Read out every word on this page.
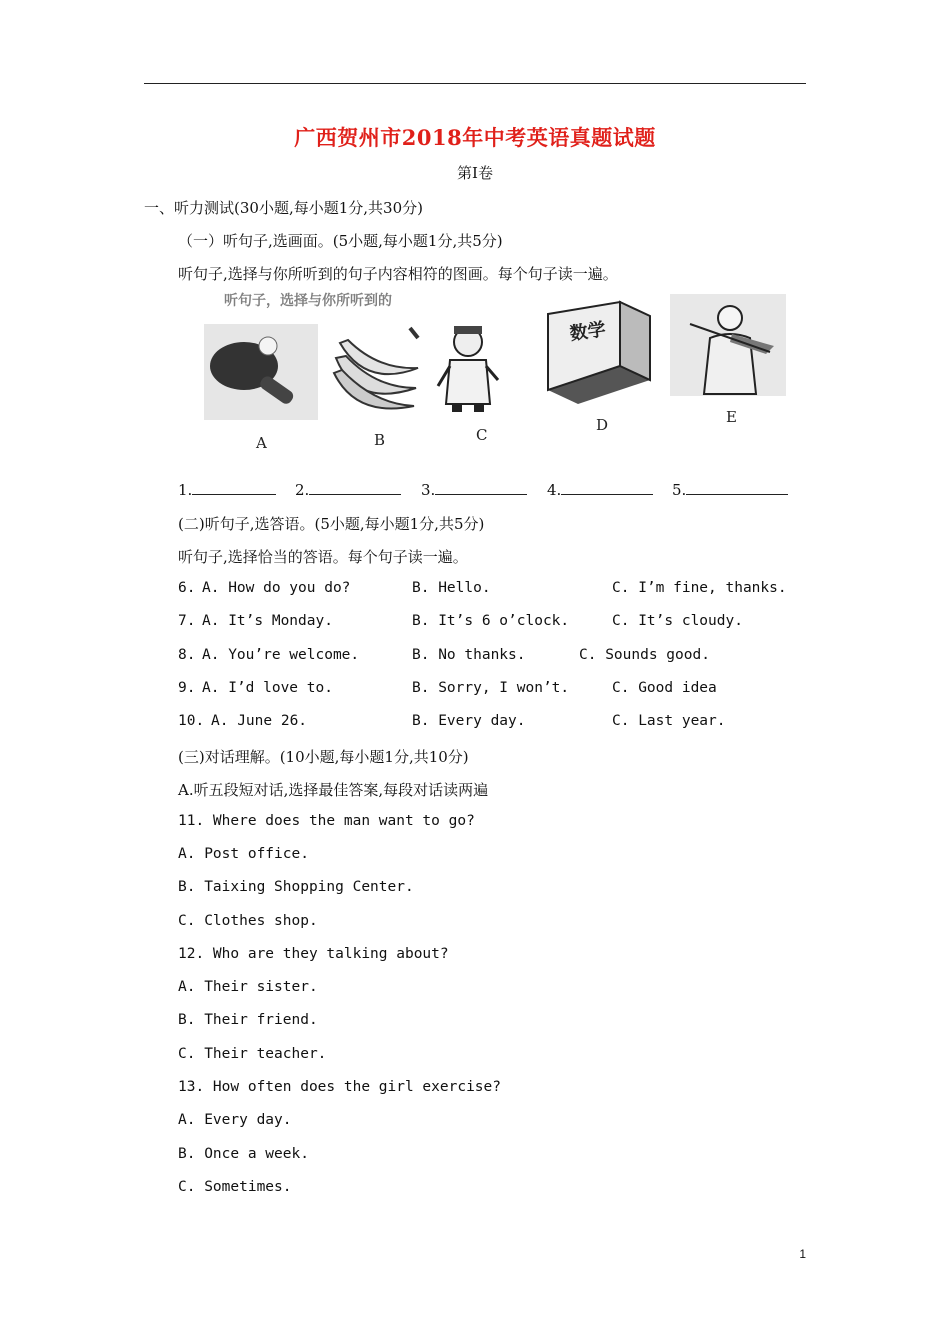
广西贺州市2018年中考英语真题试题
第I卷
一、听力测试(30小题,每小题1分,共30分)
（一）听句子,选画面。(5小题,每小题1分,共5分)
听句子,选择与你所听到的句子内容相符的图画。每个句子读一遍。
听句子，选择与你所听到的
A	B	C
数学
D	E
1.	2.	3.	4.	5.
(二)听句子,选答语。(5小题,每小题1分,共5分)
听句子,选择恰当的答语。每个句子读一遍。
6. A. How do you do?	B. Hello.	C. I’m fine, thanks.
7. A. It’s Monday.	B. It’s 6 o’clock.	C. It’s cloudy.
8. A. You’re welcome.	B. No thanks.	C. Sounds good.
9. A. I’d love to.	B. Sorry, I won’t.	C. Good idea
10. A. June 26.	B. Every day.	C. Last year.
(三)对话理解。(10小题,每小题1分,共10分)
A.听五段短对话,选择最佳答案,每段对话读两遍
11. Where does the man want to go?
A. Post office.
B. Taixing Shopping Center.
C. Clothes shop.
12. Who are they talking about?
A. Their sister.
B. Their friend.
C. Their teacher.
13. How often does the girl exercise?
A. Every day.
B. Once a week.
C. Sometimes.
1
